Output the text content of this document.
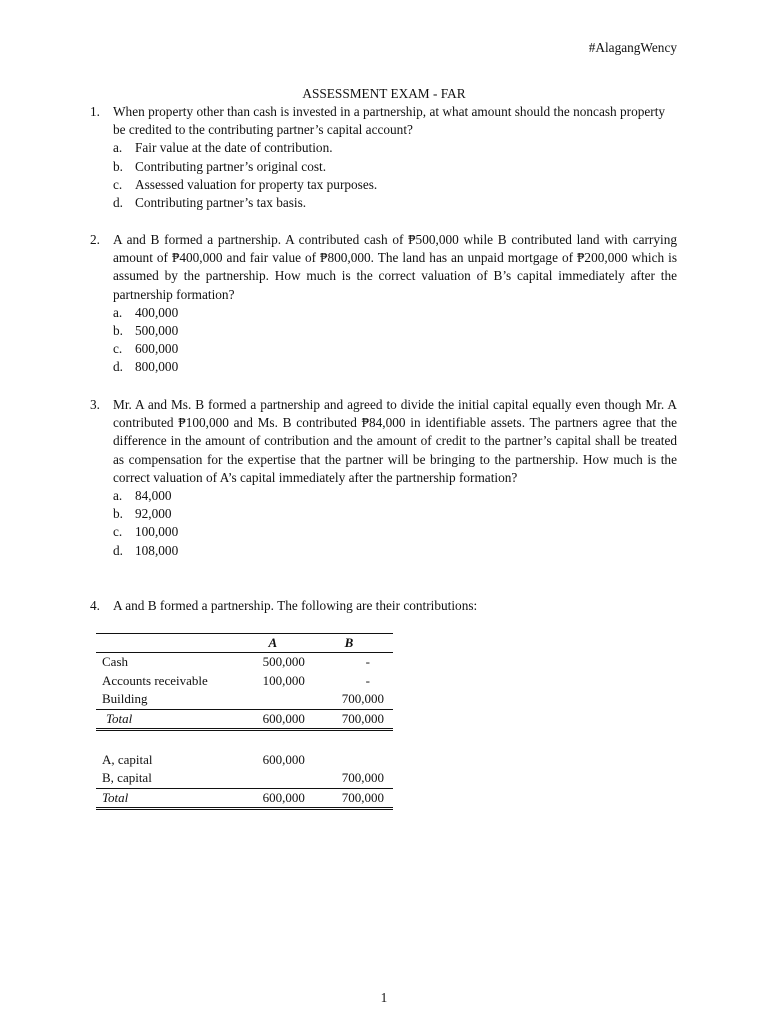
#AlagangWency
ASSESSMENT EXAM - FAR
1. When property other than cash is invested in a partnership, at what amount should the noncash property be credited to the contributing partner’s capital account?
a. Fair value at the date of contribution.
b. Contributing partner’s original cost.
c. Assessed valuation for property tax purposes.
d. Contributing partner’s tax basis.
2. A and B formed a partnership. A contributed cash of ₱500,000 while B contributed land with carrying amount of ₱400,000 and fair value of ₱800,000. The land has an unpaid mortgage of ₱200,000 which is assumed by the partnership. How much is the correct valuation of B’s capital immediately after the partnership formation?
a. 400,000
b. 500,000
c. 600,000
d. 800,000
3. Mr. A and Ms. B formed a partnership and agreed to divide the initial capital equally even though Mr. A contributed ₱100,000 and Ms. B contributed ₱84,000 in identifiable assets. The partners agree that the difference in the amount of contribution and the amount of credit to the partner’s capital shall be treated as compensation for the expertise that the partner will be bringing to the partnership. How much is the correct valuation of A’s capital immediately after the partnership formation?
a. 84,000
b. 92,000
c. 100,000
d. 108,000
4. A and B formed a partnership. The following are their contributions:
	A	B
Cash	500,000	-
Accounts receivable	100,000	-
Building		700,000
Total	600,000	700,000

A, capital	600,000	
B, capital		700,000
Total	600,000	700,000
1
